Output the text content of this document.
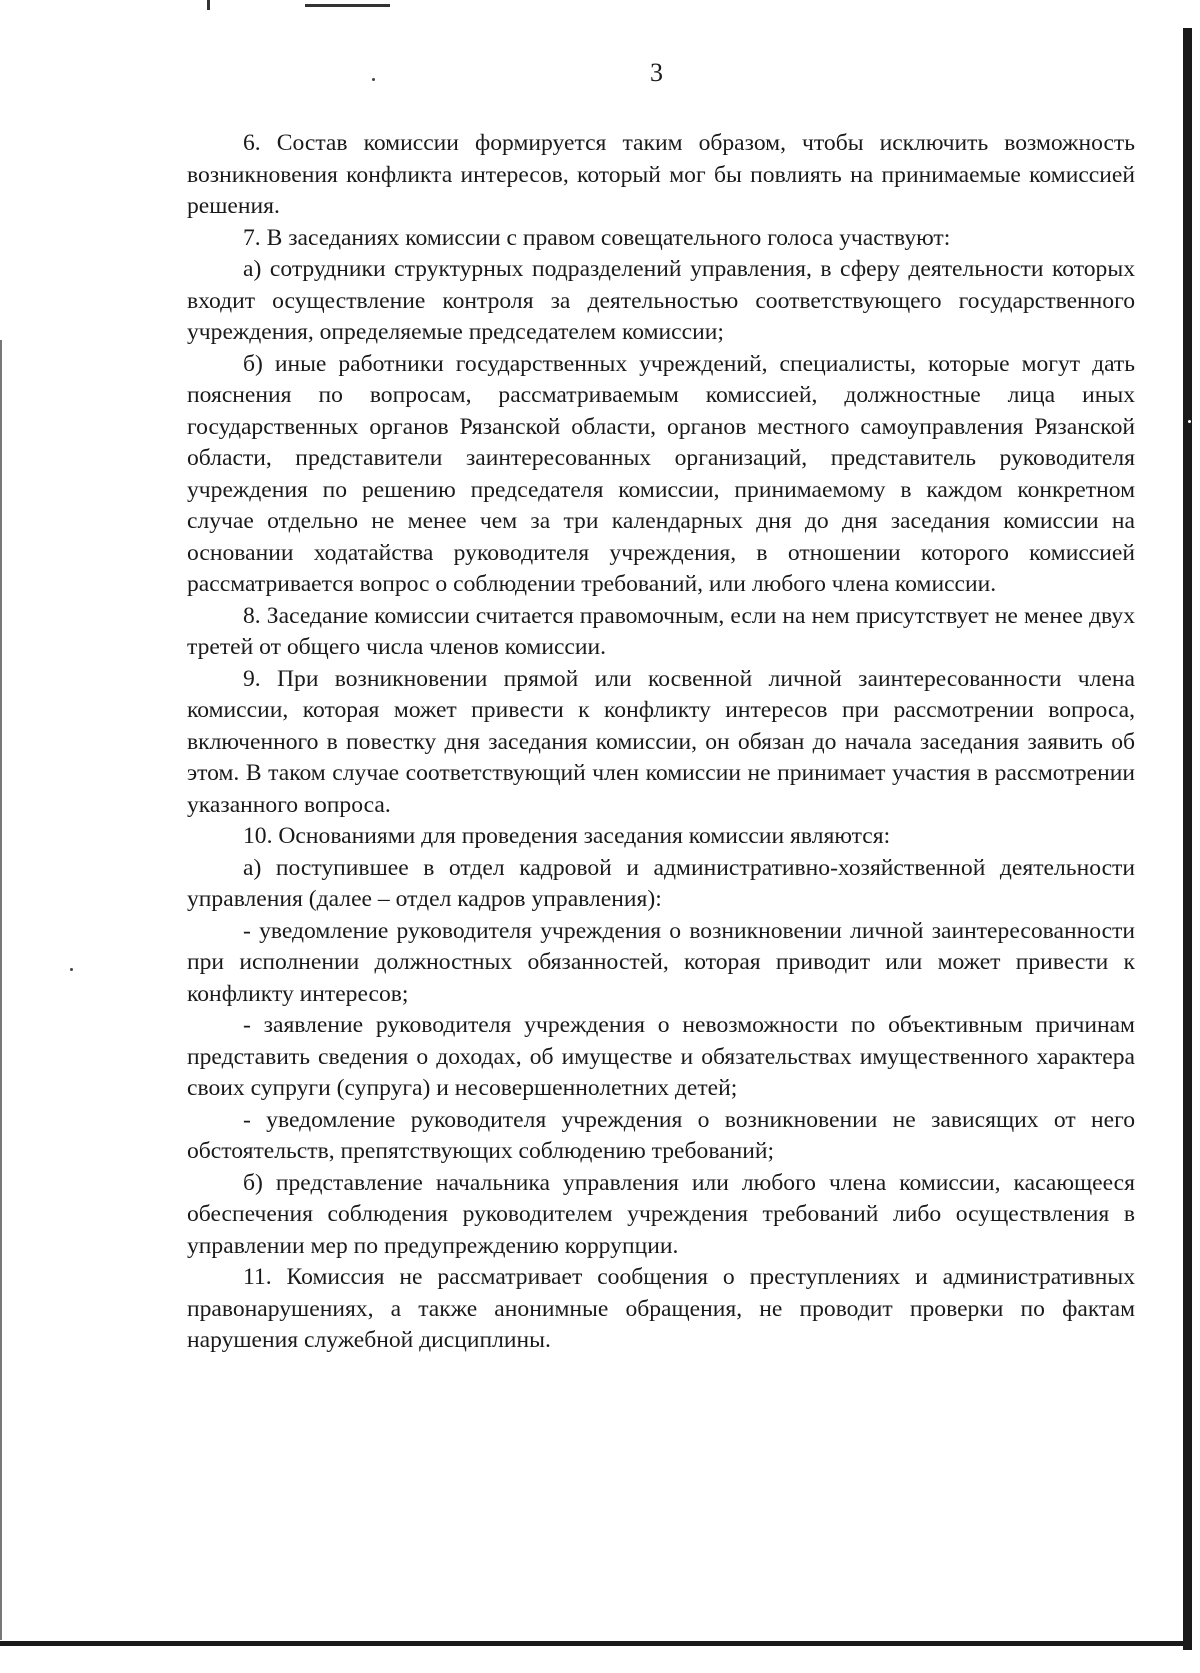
3

6. Состав комиссии формируется таким образом, чтобы исключить возможность возникновения конфликта интересов, который мог бы повлиять на принимаемые комиссией решения.

7. В заседаниях комиссии с правом совещательного голоса участвуют:

а) сотрудники структурных подразделений управления, в сферу деятельности которых входит осуществление контроля за деятельностью соответствующего государственного учреждения, определяемые председателем комиссии;

б) иные работники государственных учреждений, специалисты, которые могут дать пояснения по вопросам, рассматриваемым комиссией, должностные лица иных государственных органов Рязанской области, органов местного самоуправления Рязанской области, представители заинтересованных организаций, представитель руководителя учреждения по решению председателя комиссии, принимаемому в каждом конкретном случае отдельно не менее чем за три календарных дня до дня заседания комиссии на основании ходатайства руководителя учреждения, в отношении которого комиссией рассматривается вопрос о соблюдении требований, или любого члена комиссии.

8. Заседание комиссии считается правомочным, если на нем присутствует не менее двух третей от общего числа членов комиссии.

9. При возникновении прямой или косвенной личной заинтересованности члена комиссии, которая может привести к конфликту интересов при рассмотрении вопроса, включенного в повестку дня заседания комиссии, он обязан до начала заседания заявить об этом. В таком случае соответствующий член комиссии не принимает участия в рассмотрении указанного вопроса.

10. Основаниями для проведения заседания комиссии являются:

а) поступившее в отдел кадровой и административно-хозяйственной деятельности управления (далее – отдел кадров управления):

- уведомление руководителя учреждения о возникновении личной заинтересованности при исполнении должностных обязанностей, которая приводит или может привести к конфликту интересов;

- заявление руководителя учреждения о невозможности по объективным причинам представить сведения о доходах, об имуществе и обязательствах имущественного характера своих супруги (супруга) и несовершеннолетних детей;

- уведомление руководителя учреждения о возникновении не зависящих от него обстоятельств, препятствующих соблюдению требований;

б) представление начальника управления или любого члена комиссии, касающееся обеспечения соблюдения руководителем учреждения требований либо осуществления в управлении мер по предупреждению коррупции.

11. Комиссия не рассматривает сообщения о преступлениях и административных правонарушениях, а также анонимные обращения, не проводит проверки по фактам нарушения служебной дисциплины.
